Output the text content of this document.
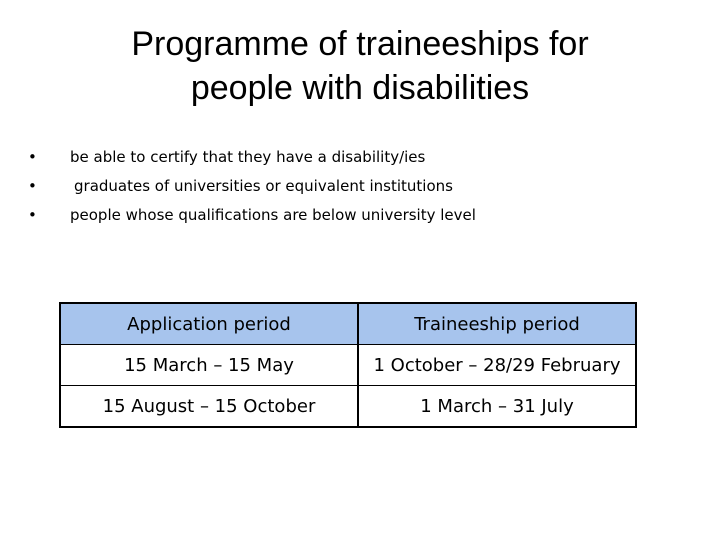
Programme of traineeships for
people with disabilities
•	be able to certify that they have a disability/ies
•	graduates of universities or equivalent institutions
•	people whose qualifications are below university level
Application period	Traineeship period
15 March – 15 May	1 October – 28/29 February
15 August – 15 October	1 March – 31 July
